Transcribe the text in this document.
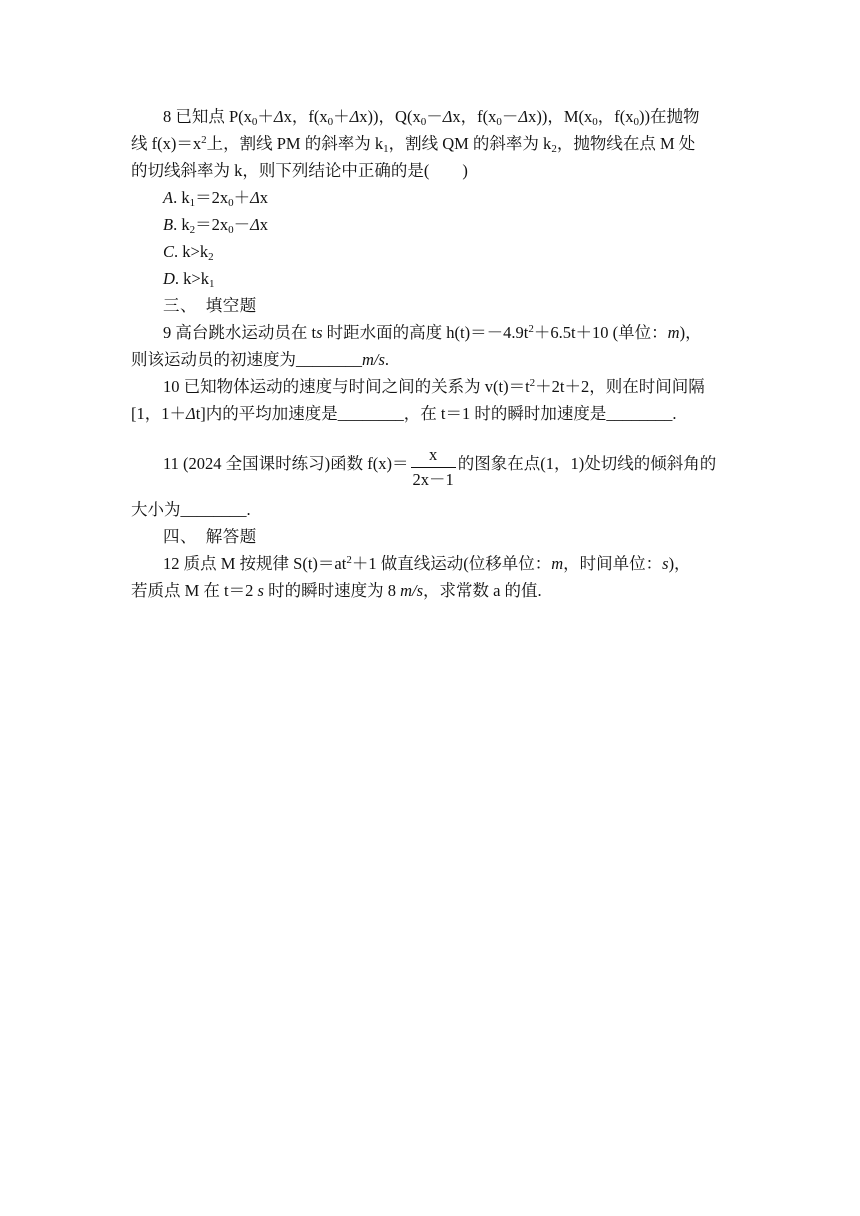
8 已知点 $P(x_0+\Delta x$，$f(x_0+\Delta x)$)，$Q(x_0-\Delta x$，$f(x_0-\Delta x)$)，$M(x_0$，$f(x_0)$)在抛物
线 $f(x)=x^2$上，割线 PM 的斜率为 $k_1$，割线 QM 的斜率为 $k_2$，抛物线在点 M 处
的切线斜率为 k，则下列结论中正确的是(　　)
A. $k_1=2x_0+\Delta x$
B. $k_2=2x_0-\Delta x$
C. $k>k_2$
D. $k>k_1$
三、　填空题
9 高台跳水运动员在 ts 时距水面的高度 $h(t)=-4.9t^2+6.5t+10$ (单位：m)，
则该运动员的初速度为________m/s.
10 已知物体运动的速度与时间之间的关系为 $v(t)=t^2+2t+2$，则在时间间隔
[1，1＋Δt]内的平均加速度是________，在 t＝1 时的瞬时加速度是________.
11 (2024 全国课时练习)函数 $f(x)= \frac{x}{2x-1}$ 的图象在点(1，1)处切线的倾斜角的
大小为________.
四、　解答题
12 质点 M 按规律 $S(t)=at^2+1$ 做直线运动(位移单位：m，时间单位：s)，
若质点 M 在 t＝2 s 时的瞬时速度为 8 m/s，求常数 a 的值.
